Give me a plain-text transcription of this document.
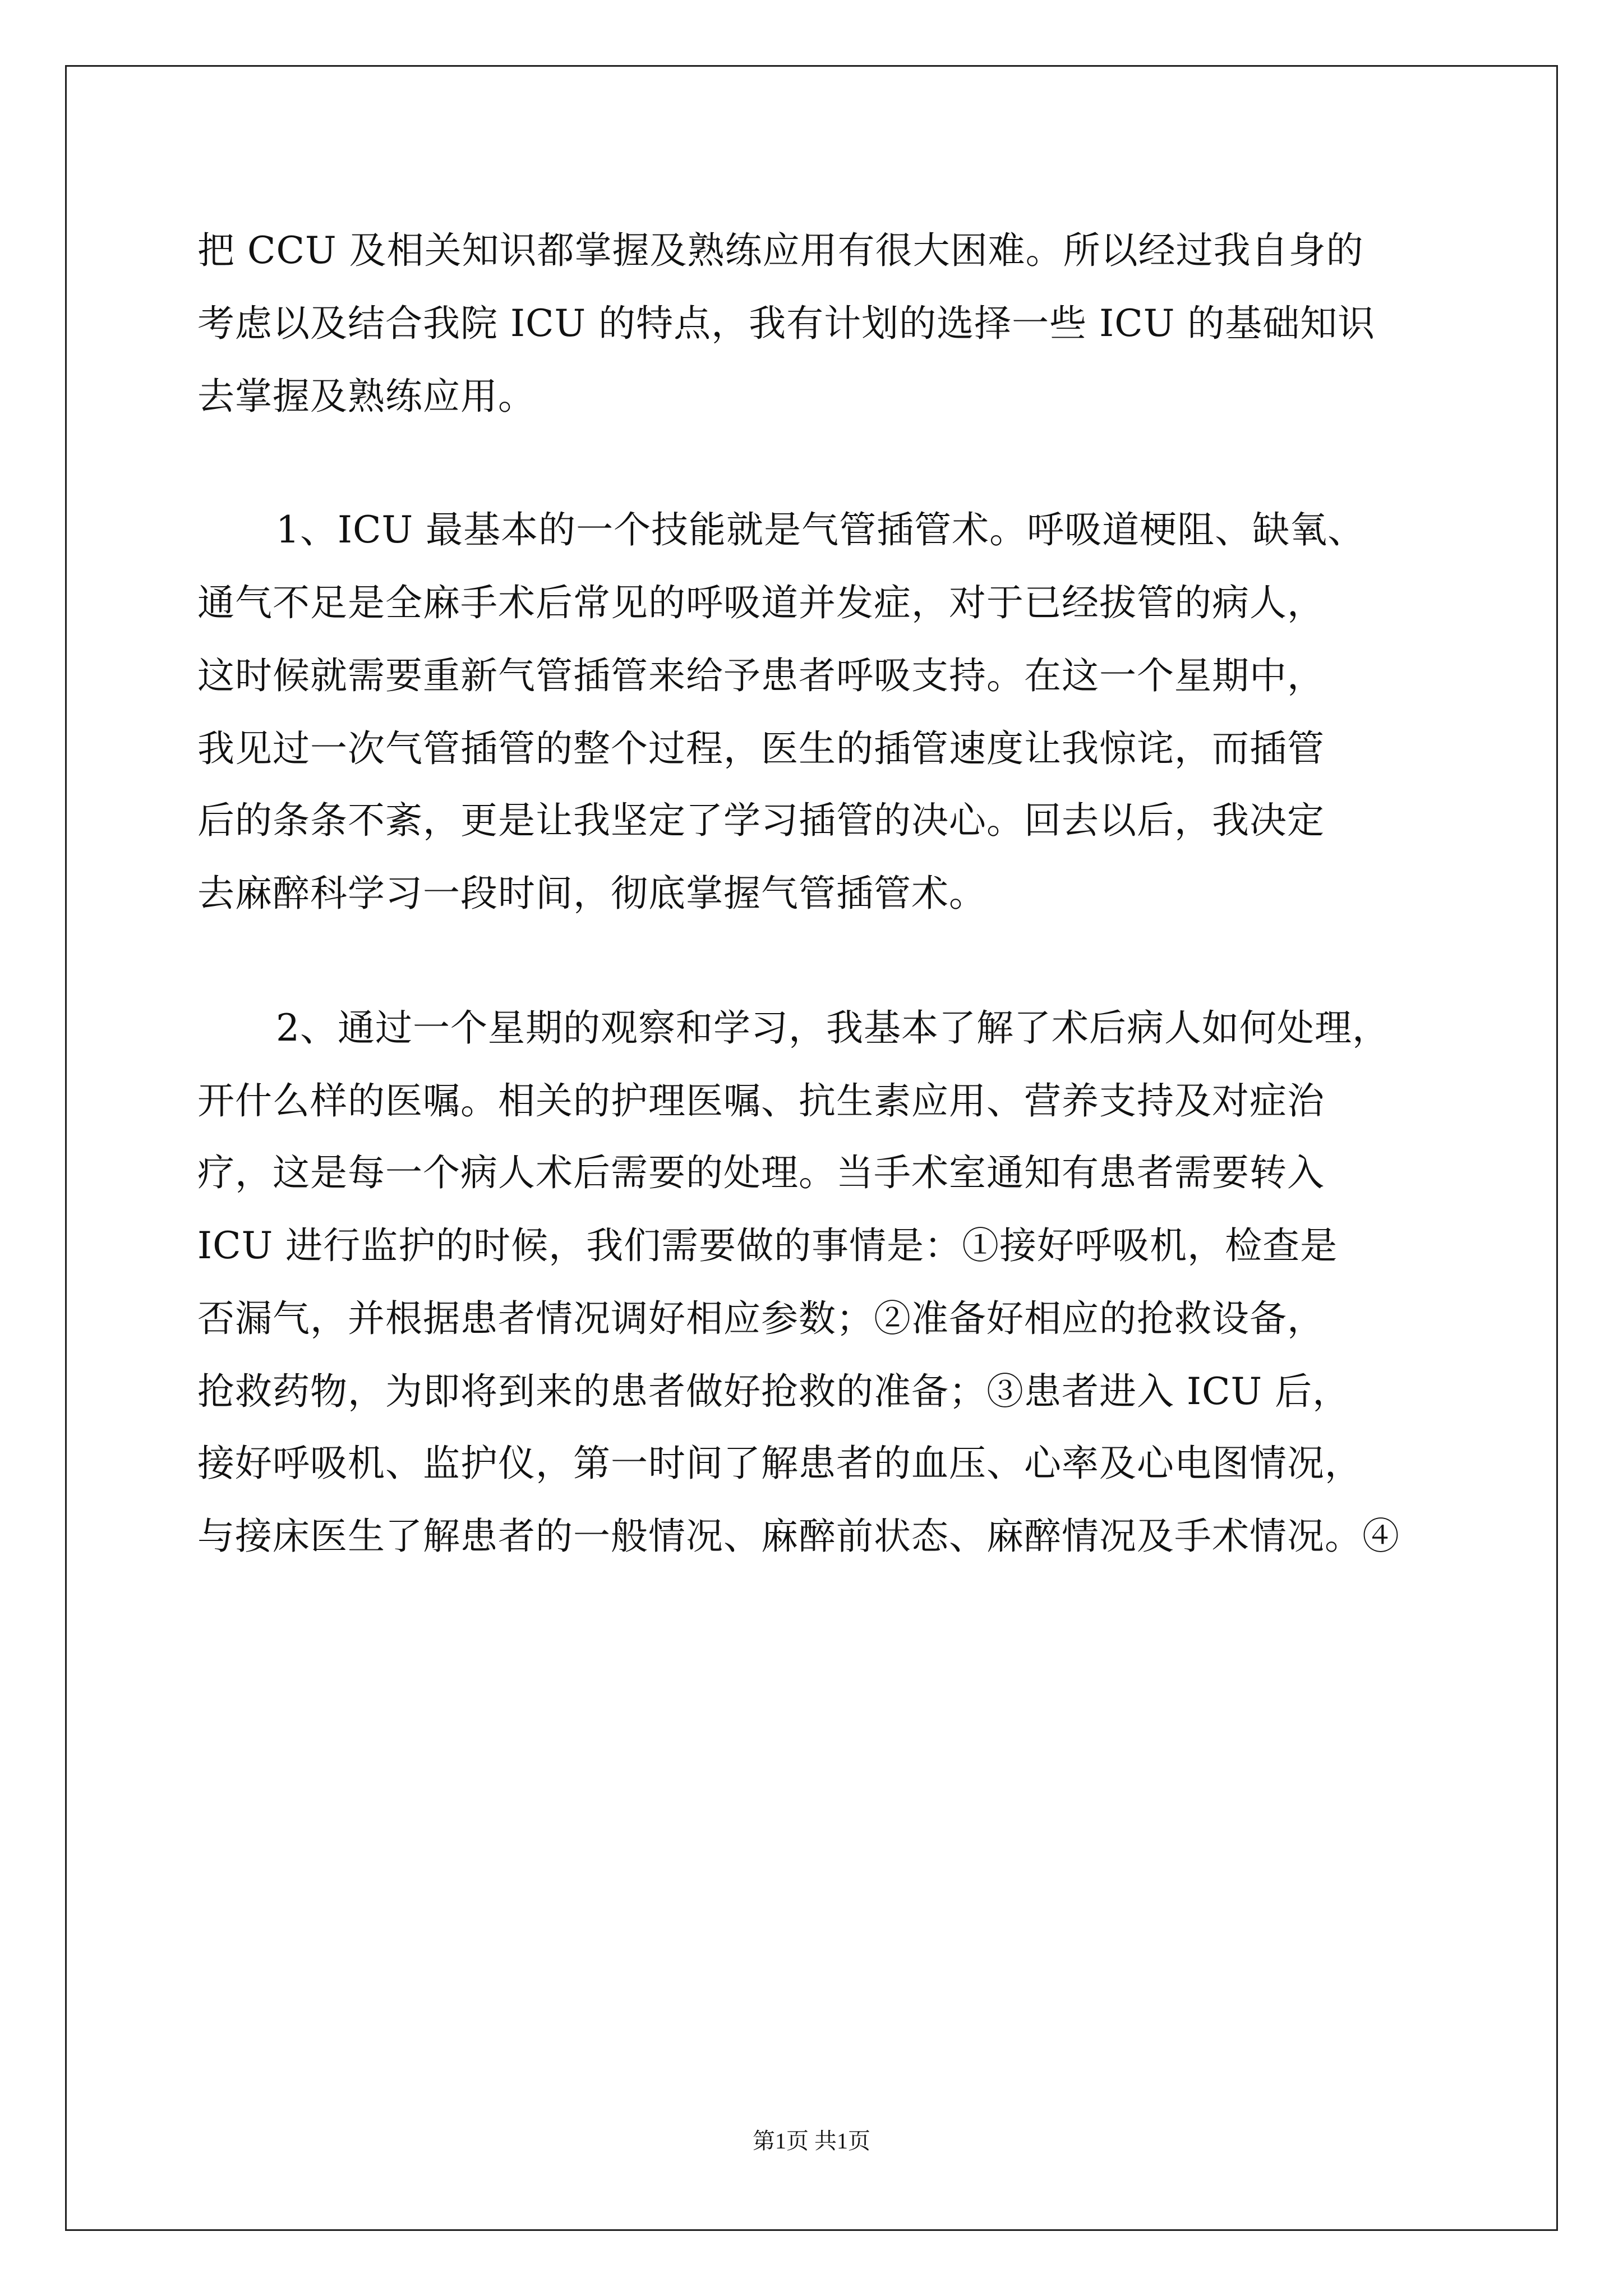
把 CCU 及相关知识都掌握及熟练应用有很大困难。所以经过我自身的
考虑以及结合我院 ICU 的特点，我有计划的选择一些 ICU 的基础知识
去掌握及熟练应用。
1、ICU 最基本的一个技能就是气管插管术。呼吸道梗阻、缺氧、
通气不足是全麻手术后常见的呼吸道并发症，对于已经拔管的病人，
这时候就需要重新气管插管来给予患者呼吸支持。在这一个星期中，
我见过一次气管插管的整个过程，医生的插管速度让我惊诧，而插管
后的条条不紊，更是让我坚定了学习插管的决心。回去以后，我决定
去麻醉科学习一段时间，彻底掌握气管插管术。
2、通过一个星期的观察和学习，我基本了解了术后病人如何处理，
开什么样的医嘱。相关的护理医嘱、抗生素应用、营养支持及对症治
疗，这是每一个病人术后需要的处理。当手术室通知有患者需要转入
ICU 进行监护的时候，我们需要做的事情是：①接好呼吸机，检查是
否漏气，并根据患者情况调好相应参数；②准备好相应的抢救设备，
抢救药物，为即将到来的患者做好抢救的准备；③患者进入 ICU 后，
接好呼吸机、监护仪，第一时间了解患者的血压、心率及心电图情况，
与接床医生了解患者的一般情况、麻醉前状态、麻醉情况及手术情况。④
第1页 共1页
